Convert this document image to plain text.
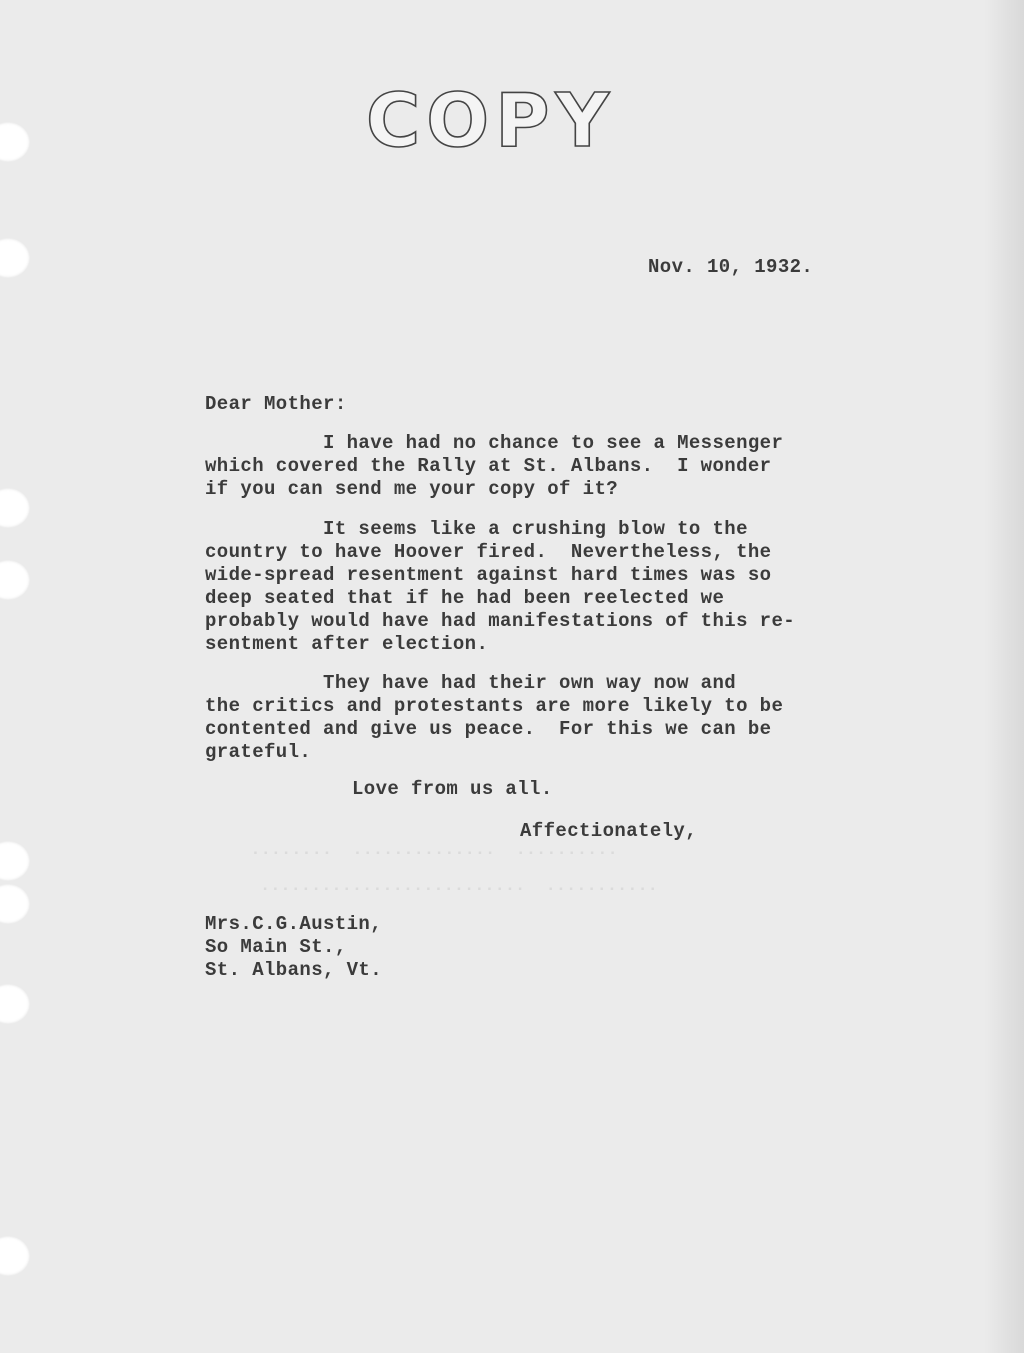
COPY
........  ..............  ..........
..........................  ...........
Nov. 10, 1932.
Dear Mother:
I have had no chance to see a Messenger
which covered the Rally at St. Albans.  I wonder
if you can send me your copy of it?
It seems like a crushing blow to the
country to have Hoover fired.  Nevertheless, the
wide-spread resentment against hard times was so
deep seated that if he had been reelected we
probably would have had manifestations of this re-
sentment after election.
They have had their own way now and
the critics and protestants are more likely to be
contented and give us peace.  For this we can be
grateful.
Love from us all.
Affectionately,
Mrs.C.G.Austin,
So Main St.,
St. Albans, Vt.
